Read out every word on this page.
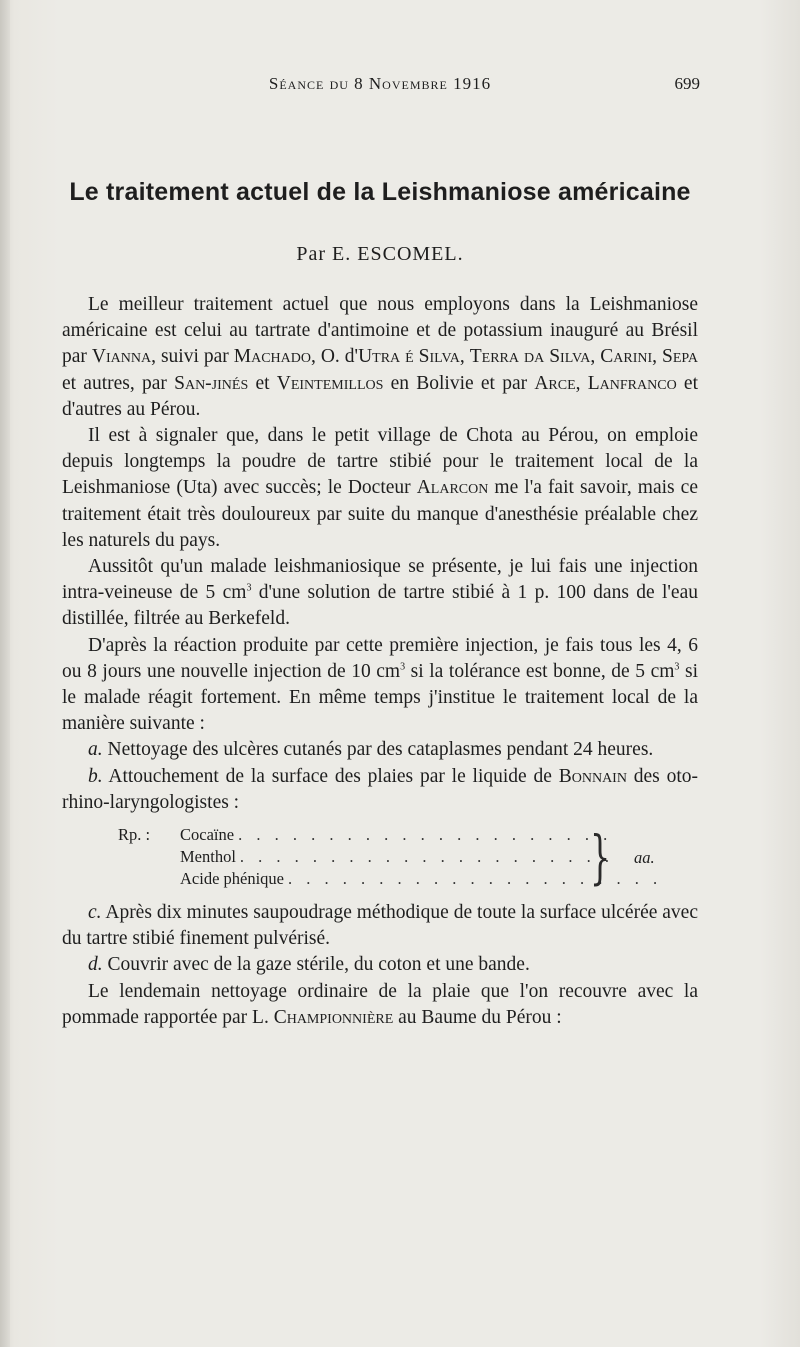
Séance du 8 Novembre 1916	699
Le traitement actuel de la Leishmaniose américaine
Par E. ESCOMEL.

Le meilleur traitement actuel que nous employons dans la Leishmaniose américaine est celui au tartrate d'antimoine et de potassium inauguré au Brésil par Vianna, suivi par Machado, O. d'Utra é Silva, Terra da Silva, Carini, Sepa et autres, par San-jinés et Veintemillos en Bolivie et par Arce, Lanfranco et d'autres au Pérou.

Il est à signaler que, dans le petit village de Chota au Pérou, on emploie depuis longtemps la poudre de tartre stibié pour le traitement local de la Leishmaniose (Uta) avec succès; le Docteur Alarcon me l'a fait savoir, mais ce traitement était très douloureux par suite du manque d'anesthésie préalable chez les naturels du pays.

Aussitôt qu'un malade leishmaniosique se présente, je lui fais une injection intra-veineuse de 5 $cm^3$ d'une solution de tartre stibié à 1 p. 100 dans de l'eau distillée, filtrée au Berkefeld.

D'après la réaction produite par cette première injection, je fais tous les 4, 6 ou 8 jours une nouvelle injection de 10 $cm^3$ si la tolérance est bonne, de 5 $cm^3$ si le malade réagit fortement. En même temps j'institue le traitement local de la manière suivante :

a. Nettoyage des ulcères cutanés par des cataplasmes pendant 24 heures.

b. Attouchement de la surface des plaies par le liquide de Bonnain des oto-rhino-laryngologistes :

Rp. : Cocaïne . . . . . . . . . . . . . . . . . . . . .
Menthol . . . . . . . . . . . . . . . . . . . . .
Acide phénique . . . . . . . . . . . . . . . . . . . . .
} aa.

c. Après dix minutes saupoudrage méthodique de toute la surface ulcérée avec du tartre stibié finement pulvérisé.

d. Couvrir avec de la gaze stérile, du coton et une bande.

Le lendemain nettoyage ordinaire de la plaie que l'on recouvre avec la pommade rapportée par L. Championnière au Baume du Pérou :
